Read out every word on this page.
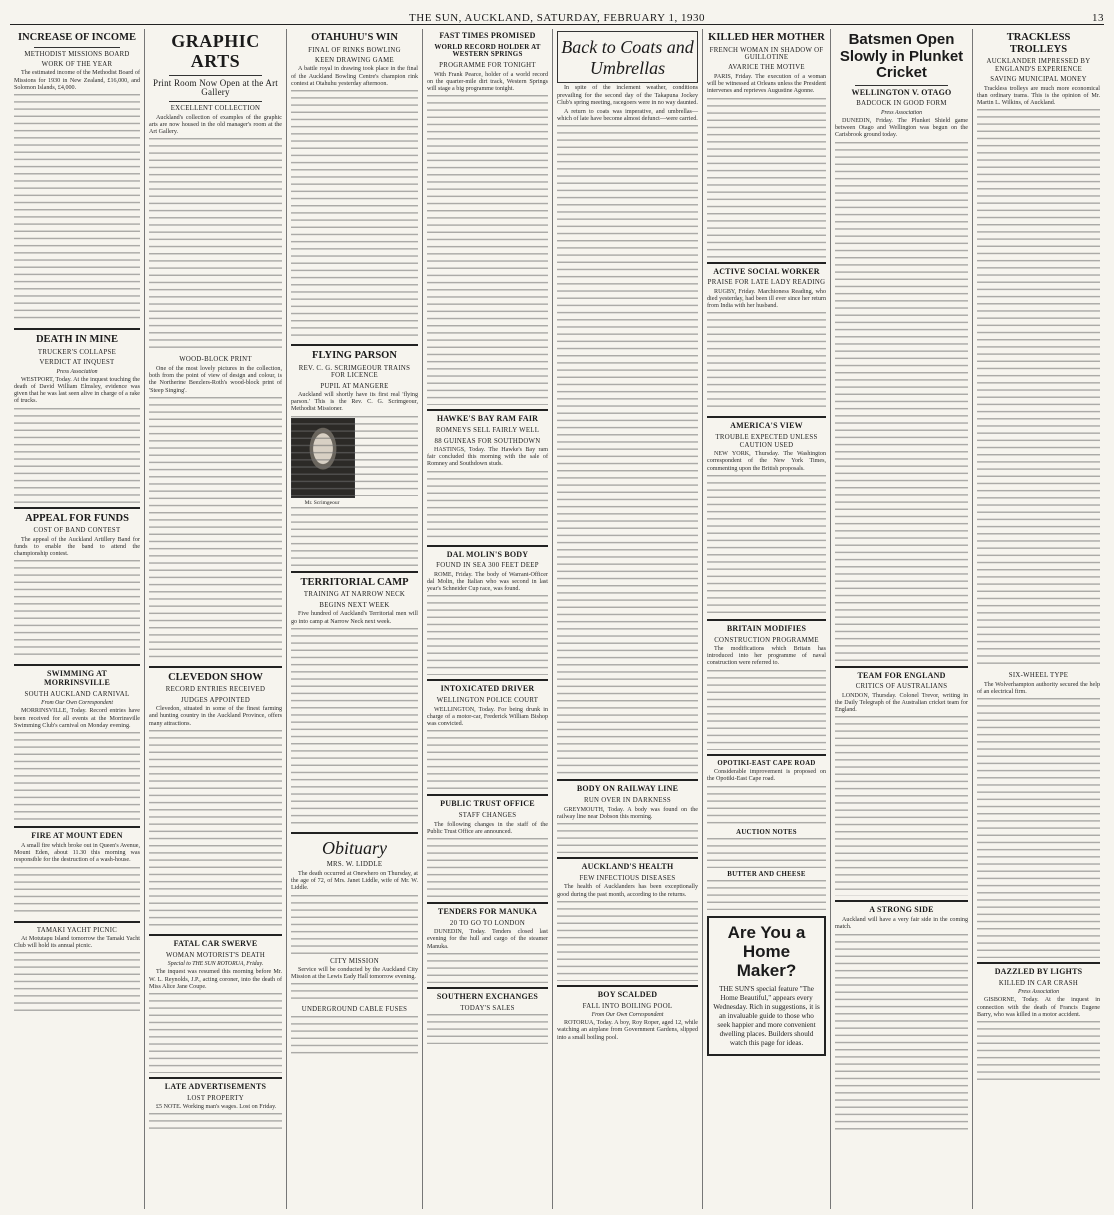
THE SUN, AUCKLAND, SATURDAY, FEBRUARY 1, 1930	13
INCREASE OF INCOME
METHODIST MISSIONS BOARD
WORK OF THE YEAR

The estimated income of the Methodist Board of Missions for 1930 in New Zealand, £16,000, and Solomon Islands, £4,000.

DEATH IN MINE
TRUCKER'S COLLAPSE
VERDICT AT INQUEST
Press Association

WESTPORT, Today. At the inquest touching the death of David William Elmsley, evidence was given that he was last seen alive in charge of a rake of trucks.

APPEAL FOR FUNDS
COST OF BAND CONTEST

The appeal of the Auckland Artillery Band for funds to enable the band to attend the championship contest.

SWIMMING AT MORRINSVILLE
SOUTH AUCKLAND CARNIVAL
From Our Own Correspondent

MORRINSVILLE, Today. Record entries have been received for all events at the Morrinsville Swimming Club's carnival on Monday evening.

FIRE AT MOUNT EDEN

A small fire which broke out in Queen's Avenue, Mount Eden, about 11.30 this morning was responsible for the destruction of a wash-house.

TAMAKI YACHT PICNIC

At Motutapu Island tomorrow the Tamaki Yacht Club will hold its annual picnic.

GRAPHIC ARTS
Print Room Now Open at the Art Gallery
EXCELLENT COLLECTION

Auckland's collection of examples of the graphic arts are now housed in the old manager's room at the Art Gallery.

WOOD-BLOCK PRINT

One of the most lovely pictures in the collection, both from the point of view of design and colour, is the Northerine Beezlers-Roth's wood-block print of 'Steep Singing'.

CLEVEDON SHOW
RECORD ENTRIES RECEIVED
JUDGES APPOINTED

Clevedon, situated in some of the finest farming and hunting country in the Auckland Province, offers many attractions.

FATAL CAR SWERVE
WOMAN MOTORIST'S DEATH
Special to THE SUN ROTORUA, Friday.

The inquest was resumed this morning before Mr. W. L. Reynolds, J.P., acting coroner, into the death of Miss Alice Jane Coupe.

LATE ADVERTISEMENTS
LOST PROPERTY

£5 NOTE. Working man's wages. Lost on Friday.

OTAHUHU'S WIN
FINAL OF RINKS BOWLING
KEEN DRAWING GAME

A battle royal in drawing took place in the final of the Auckland Bowling Centre's champion rink contest at Otahuhu yesterday afternoon.

FLYING PARSON
REV. C. G. SCRIMGEOUR TRAINS FOR LICENCE
PUPIL AT MANGERE

Auckland will shortly have its first real 'flying parson.' This is the Rev. C. G. Scrimgeour, Methodist Missioner.

Mr. Scrimgeour
TERRITORIAL CAMP
TRAINING AT NARROW NECK
BEGINS NEXT WEEK

Five hundred of Auckland's Territorial men will go into camp at Narrow Neck next week.

Obituary
MRS. W. LIDDLE

The death occurred at Onewhero on Thursday, at the age of 72, of Mrs. Janet Liddle, wife of Mr. W. Liddle.

CITY MISSION

Service will be conducted by the Auckland City Mission at the Lewis Eady Hall tomorrow evening.

UNDERGROUND CABLE FUSES
FAST TIMES PROMISED
WORLD RECORD HOLDER AT WESTERN SPRINGS
PROGRAMME FOR TONIGHT

With Frank Pearce, holder of a world record on the quarter-mile dirt track, Western Springs will stage a big programme tonight.

HAWKE'S BAY RAM FAIR
ROMNEYS SELL FAIRLY WELL
88 GUINEAS FOR SOUTHDOWN

HASTINGS, Today. The Hawke's Bay ram fair concluded this morning with the sale of Romney and Southdown studs.

DAL MOLIN'S BODY
FOUND IN SEA 300 FEET DEEP

ROME, Friday. The body of Warrant-Officer dal Molin, the Italian who was second in last year's Schneider Cup race, was found.

INTOXICATED DRIVER
WELLINGTON POLICE COURT

WELLINGTON, Today. For being drunk in charge of a motor-car, Frederick William Bishop was convicted.

PUBLIC TRUST OFFICE
STAFF CHANGES

The following changes in the staff of the Public Trust Office are announced.

TENDERS FOR MANUKA
20 TO GO TO LONDON

DUNEDIN, Today. Tenders closed last evening for the hull and cargo of the steamer Manuka.

SOUTHERN EXCHANGES
TODAY'S SALES
Back to Coats and Umbrellas

In spite of the inclement weather, conditions prevailing for the second day of the Takapuna Jockey Club's spring meeting, racegoers were in no way daunted.

A return to coats was imperative, and umbrellas—which of late have become almost defunct—were carried.

BODY ON RAILWAY LINE
RUN OVER IN DARKNESS

GREYMOUTH, Today. A body was found on the railway line near Dobson this morning.

AUCKLAND'S HEALTH
FEW INFECTIOUS DISEASES

The health of Aucklanders has been exceptionally good during the past month, according to the returns.

BOY SCALDED
FALL INTO BOILING POOL
From Our Own Correspondent

ROTORUA, Today. A boy, Roy Roper, aged 12, while watching an airplane from Government Gardens, slipped into a small boiling pool.

KILLED HER MOTHER
FRENCH WOMAN IN SHADOW OF GUILLOTINE
AVARICE THE MOTIVE

PARIS, Friday. The execution of a woman will be witnessed at Orleans unless the President intervenes and reprieves Augustine Agonne.

ACTIVE SOCIAL WORKER
PRAISE FOR LATE LADY READING

RUGBY, Friday. Marchioness Reading, who died yesterday, had been ill ever since her return from India with her husband.

AMERICA'S VIEW
TROUBLE EXPECTED UNLESS CAUTION USED

NEW YORK, Thursday. The Washington correspondent of the New York Times, commenting upon the British proposals.

BRITAIN MODIFIES
CONSTRUCTION PROGRAMME

The modifications which Britain has introduced into her programme of naval construction were referred to.

OPOTIKI-EAST CAPE ROAD

Considerable improvement is proposed on the Opotiki-East Cape road.

AUCTION NOTES
BUTTER AND CHEESE
Are You a Home Maker?
THE SUN'S special feature "The Home Beautiful," appears every Wednesday. Rich in suggestions, it is an invaluable guide to those who seek happier and more convenient dwelling places. Builders should watch this page for ideas.
Batsmen Open Slowly in Plunket Cricket
WELLINGTON V. OTAGO
BADCOCK IN GOOD FORM
Press Association

DUNEDIN, Friday. The Plunket Shield game between Otago and Wellington was begun on the Carisbrook ground today.

TEAM FOR ENGLAND
CRITICS OF AUSTRALIANS

LONDON, Thursday. Colonel Trevor, writing in the Daily Telegraph of the Australian cricket team for England.

A STRONG SIDE

Auckland will have a very fair side in the coming match.

TRACKLESS TROLLEYS
AUCKLANDER IMPRESSED BY ENGLAND'S EXPERIENCE
SAVING MUNICIPAL MONEY

Trackless trolleys are much more economical than ordinary trams. This is the opinion of Mr. Martin L. Wilkins, of Auckland.

SIX-WHEEL TYPE

The Wolverhampton authority secured the help of an electrical firm.

DAZZLED BY LIGHTS
KILLED IN CAR CRASH
Press Association

GISBORNE, Today. At the inquest in connection with the death of Francis Eugene Barry, who was killed in a motor accident.
